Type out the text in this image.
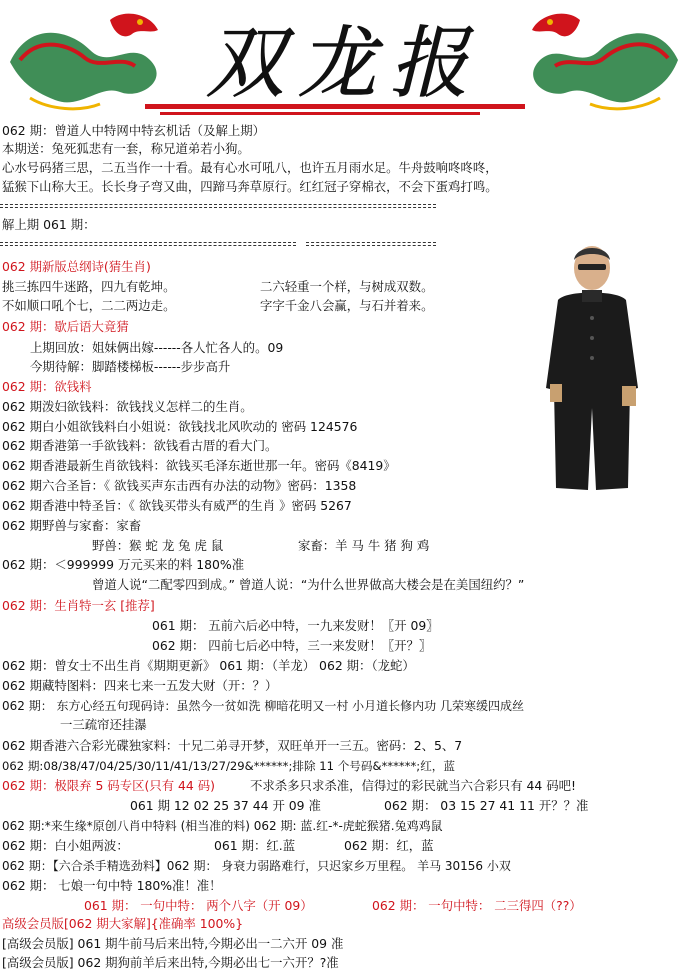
双龙报
062 期：曾道人中特网中特玄机话（及解上期）
本期送：兔死狐悲有一套，称兄道弟若小狗。
心水号码猪三思，二五当作一十看。最有心水可吼八，也许五月雨水足。牛舟鼓响咚咚咚，
猛猴下山称大王。长长身子弯又曲，四蹄马奔草原行。红红冠子穿棉衣，不会下蛋鸡打鸣。
解上期 061 期：
062 期新版总纲诗(猜生肖)
挑三拣四牛迷路，四九有乾坤。	二六轻重一个样，与树成双数。
不如顺口吼个七，二二两边走。	字字千金八会赢，与石并着来。
062 期：歇后语大竟猜
上期回放：姐妹俩出嫁------各人忙各人的。09
今期待解：脚踏楼梯板------步步高升
062 期：欲钱料
062 期泼妇欲钱料：欲钱找义怎样二的生肖。
062 期白小姐欲钱料白小姐说：欲钱找北风吹动的 密码 124576
062 期香港第一手欲钱料：欲钱看古厝的看大门。
062 期香港最新生肖欲钱料：欲钱买毛泽东逝世那一年。密码《8419》
062 期六合圣旨：《 欲钱买声东击西有办法的动物》密码：1358
062 期香港中特圣旨：《 欲钱买带头有威严的生肖 》密码 5267
062 期野兽与家畜：家畜
野兽：猴 蛇 龙 兔 虎 鼠	家畜：羊 马 牛 猪 狗 鸡
062 期：＜999999 万元买来的料 180%准
曾道人说“二配零四到成。” 曾道人说：“为什么世界做高大楼会是在美国纽约？”
062 期：生肖特一玄 [推荐]
061 期： 五前六后必中特，一九来发财！〖开 09〗
062 期： 四前七后必中特，三一来发财！〖开？〗
062 期：曾女士不出生肖《期期更新》 061 期：（羊龙） 062 期：（龙蛇）
062 期藏特图料：四来七来一五发大财（开：？）
062 期： 东方心经五句现码诗：虽然今一贫如洗 柳暗花明又一村 小月道长修内功 几荣寒缓四成丝
一三疏帘还挂瀑
062 期香港六合彩光碟独家料：十兄二弟寻开梦，双旺单开一三五。密码：2、5、7
062 期:08/38/47/04/25/30/11/41/13/27/29&******;排除 11 个号码&******;红，蓝
062 期：极限弃 5 码专区(只有 44 码)	不求杀多只求杀准，信得过的彩民就当六合彩只有 44 码吧!
061 期 12 02 25 37 44 开 09 准	062 期： 03 15 27 41 11 开？？准
062 期:*来生缘*原创八肖中特料 (相当准的料) 062 期: 蓝.红-*-虎蛇猴猪.兔鸡鸡鼠
062 期：白小姐两波：	061 期：红.蓝	062 期：红，蓝
062 期：【六合杀手精选劲料】062 期： 身衰力弱路难行，只迟家乡万里程。 羊马 30156 小双
062 期： 七娘一句中特 180%准！准！
061 期： 一句中特： 两个八字（开 09）	062 期： 一句中特： 二三得四（??）
高级会员版[062 期大家解]{准确率 100%}
[高级会员版] 061 期牛前马后来出特,今期必出一二六开 09 准
[高级会员版] 062 期狗前羊后来出特,今期必出七一六开？?准
